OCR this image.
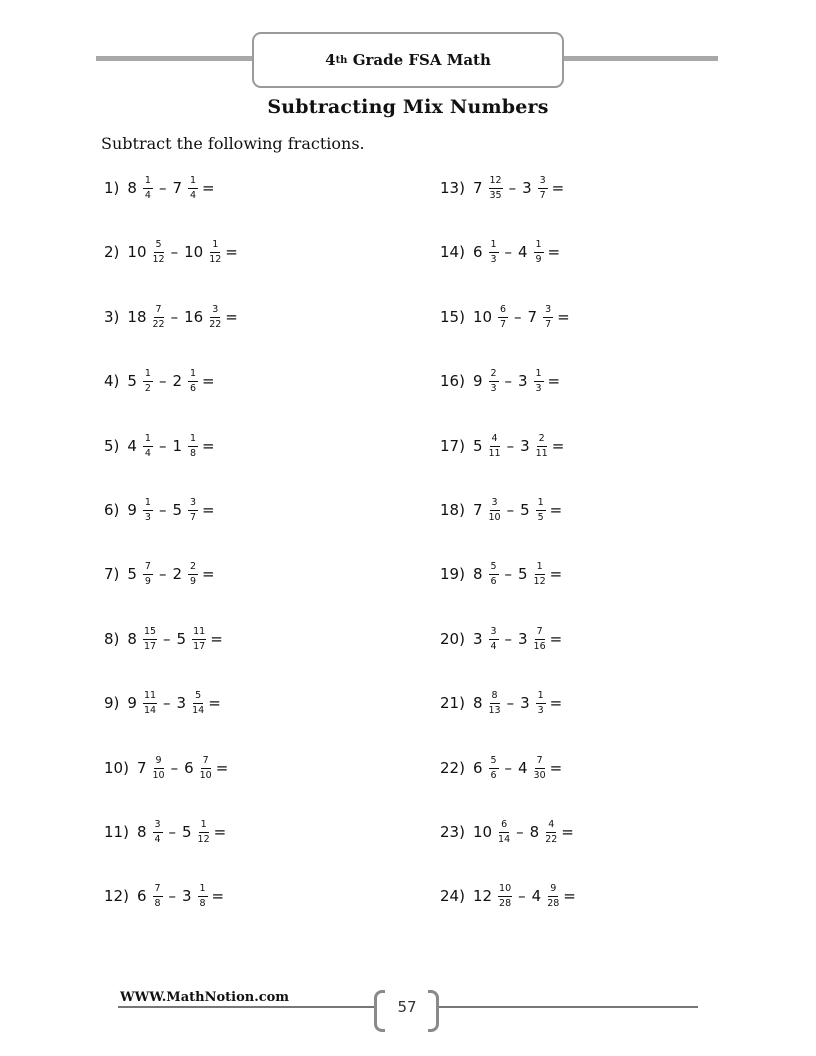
4 th
Grade FSA Math
Subtracting Mix Numbers
Subtract the following fractions.
1) $8 \frac{1}{4} - 7 \frac{1}{4}$ =
2) $10 \frac{5}{12} - 10 \frac{1}{12}$ =
3) $18 \frac{7}{22} - 16 \frac{3}{22}$ =
4) $5 \frac{1}{2} - 2 \frac{1}{6}$ =
5) $4 \frac{1}{4} - 1 \frac{1}{8}$ =
6) $9 \frac{1}{3} - 5 \frac{3}{7}$ =
7) $5 \frac{7}{9} - 2 \frac{2}{9}$ =
8) $8 \frac{15}{17} - 5 \frac{11}{17}$ =
9) $9 \frac{11}{14} - 3 \frac{5}{14}$ =
10) $7 \frac{9}{10} - 6 \frac{7}{10}$ =
11) $8 \frac{3}{4} - 5 \frac{1}{12}$ =
12) $6 \frac{7}{8} - 3 \frac{1}{8}$ =
13) $7 \frac{12}{35} - 3 \frac{3}{7}$ =
14) $6 \frac{1}{3} - 4 \frac{1}{9}$ =
15) $10 \frac{6}{7} - 7 \frac{3}{7}$ =
16) $9 \frac{2}{3} - 3 \frac{1}{3}$ =
17) $5 \frac{4}{11} - 3 \frac{2}{11}$ =
18) $7 \frac{3}{10} - 5 \frac{1}{5}$ =
19) $8 \frac{5}{6} - 5 \frac{1}{12}$ =
20) $3 \frac{3}{4} - 3 \frac{7}{16}$ =
21) $8 \frac{8}{13} - 3 \frac{1}{3}$ =
22) $6 \frac{5}{6} - 4 \frac{7}{30}$ =
23) $10 \frac{6}{14} - 8 \frac{4}{22}$ =
24) $12 \frac{10}{28} - 4 \frac{9}{28}$ =
WWW.MathNotion.com
57
